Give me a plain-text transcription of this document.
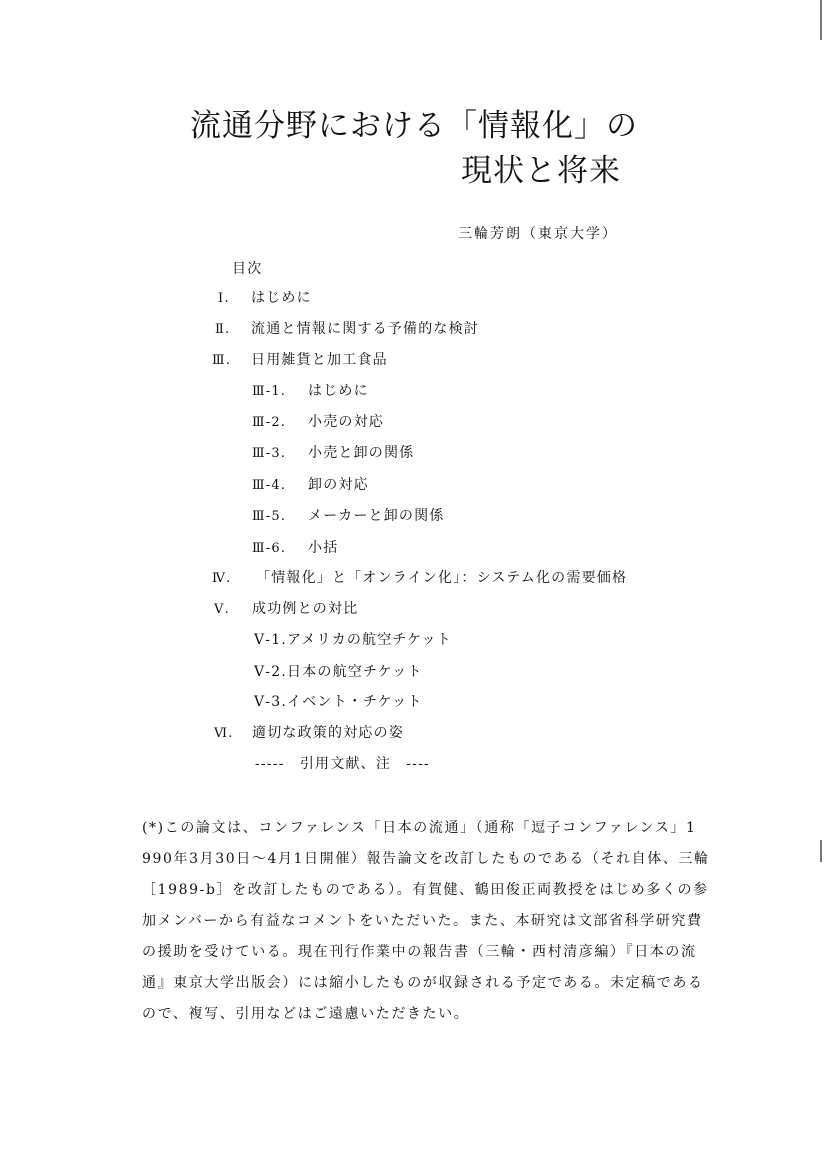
流通分野における「情報化」の
現状と将来
三輪芳朗（東京大学）
目次
Ⅰ. はじめに
Ⅱ. 流通と情報に関する予備的な検討
Ⅲ. 日用雑貨と加工食品
Ⅲ-1. はじめに
Ⅲ-2. 小売の対応
Ⅲ-3. 小売と卸の関係
Ⅲ-4. 卸の対応
Ⅲ-5. メーカーと卸の関係
Ⅲ-6. 小括
Ⅳ. 「情報化」と「オンライン化」：システム化の需要価格
Ⅴ. 成功例との対比
Ⅴ-1.アメリカの航空チケット
Ⅴ-2.日本の航空チケット
Ⅴ-3.イベント・チケット
Ⅵ. 適切な政策的対応の姿
-----　引用文献、注　----
(*)この論文は、コンファレンス「日本の流通」（通称「逗子コンファレンス」1
990年3月30日～4月1日開催）報告論文を改訂したものである（それ自体、三輪
［1989-b］を改訂したものである）。有賀健、鶴田俊正両教授をはじめ多くの参
加メンバーから有益なコメントをいただいた。また、本研究は文部省科学研究費
の援助を受けている。現在刊行作業中の報告書（三輪・西村清彦編）『日本の流
通』東京大学出版会）には縮小したものが収録される予定である。未定稿である
ので、複写、引用などはご遠慮いただきたい。
